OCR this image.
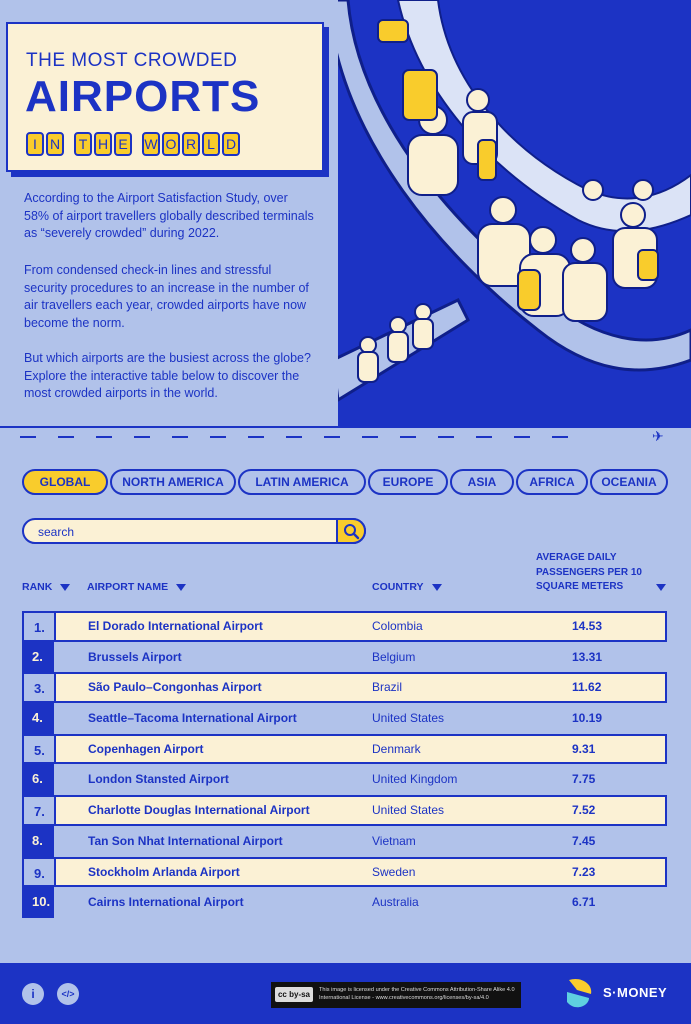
THE MOST CROWDED
AIRPORTS
I N	T H E	W O R L D

According to the Airport Satisfaction Study, over 58% of airport travellers globally described terminals as “severely crowded” during 2022.

From condensed check-in lines and stressful security procedures to an increase in the number of air travellers each year, crowded airports have now become the norm.

But which airports are the busiest across the globe? Explore the interactive table below to discover the most crowded airports in the world.

✈
GLOBAL	NORTH AMERICA	LATIN AMERICA	EUROPE	ASIA	AFRICA	OCEANIA
search
RANK	AIRPORT NAME	COUNTRY
AVERAGE DAILY PASSENGERS PER 10 SQUARE METERS
1.	El Dorado International Airport	Colombia	14.53
2.	Brussels Airport	Belgium	13.31
3.	São Paulo–Congonhas Airport	Brazil	11.62
4.	Seattle–Tacoma International Airport	United States	10.19
5.	Copenhagen Airport	Denmark	9.31
6.	London Stansted Airport	United Kingdom	7.75
7.	Charlotte Douglas International Airport	United States	7.52
8.	Tan Son Nhat International Airport	Vietnam	7.45
9.	Stockholm Arlanda Airport	Sweden	7.23
10.	Cairns International Airport	Australia	6.71
i	</>	cc by-sa	This image is licensed under the Creative Commons Attribution-Share Alike 4.0 International License - www.creativecommons.org/licenses/by-sa/4.0	S·MONEY
